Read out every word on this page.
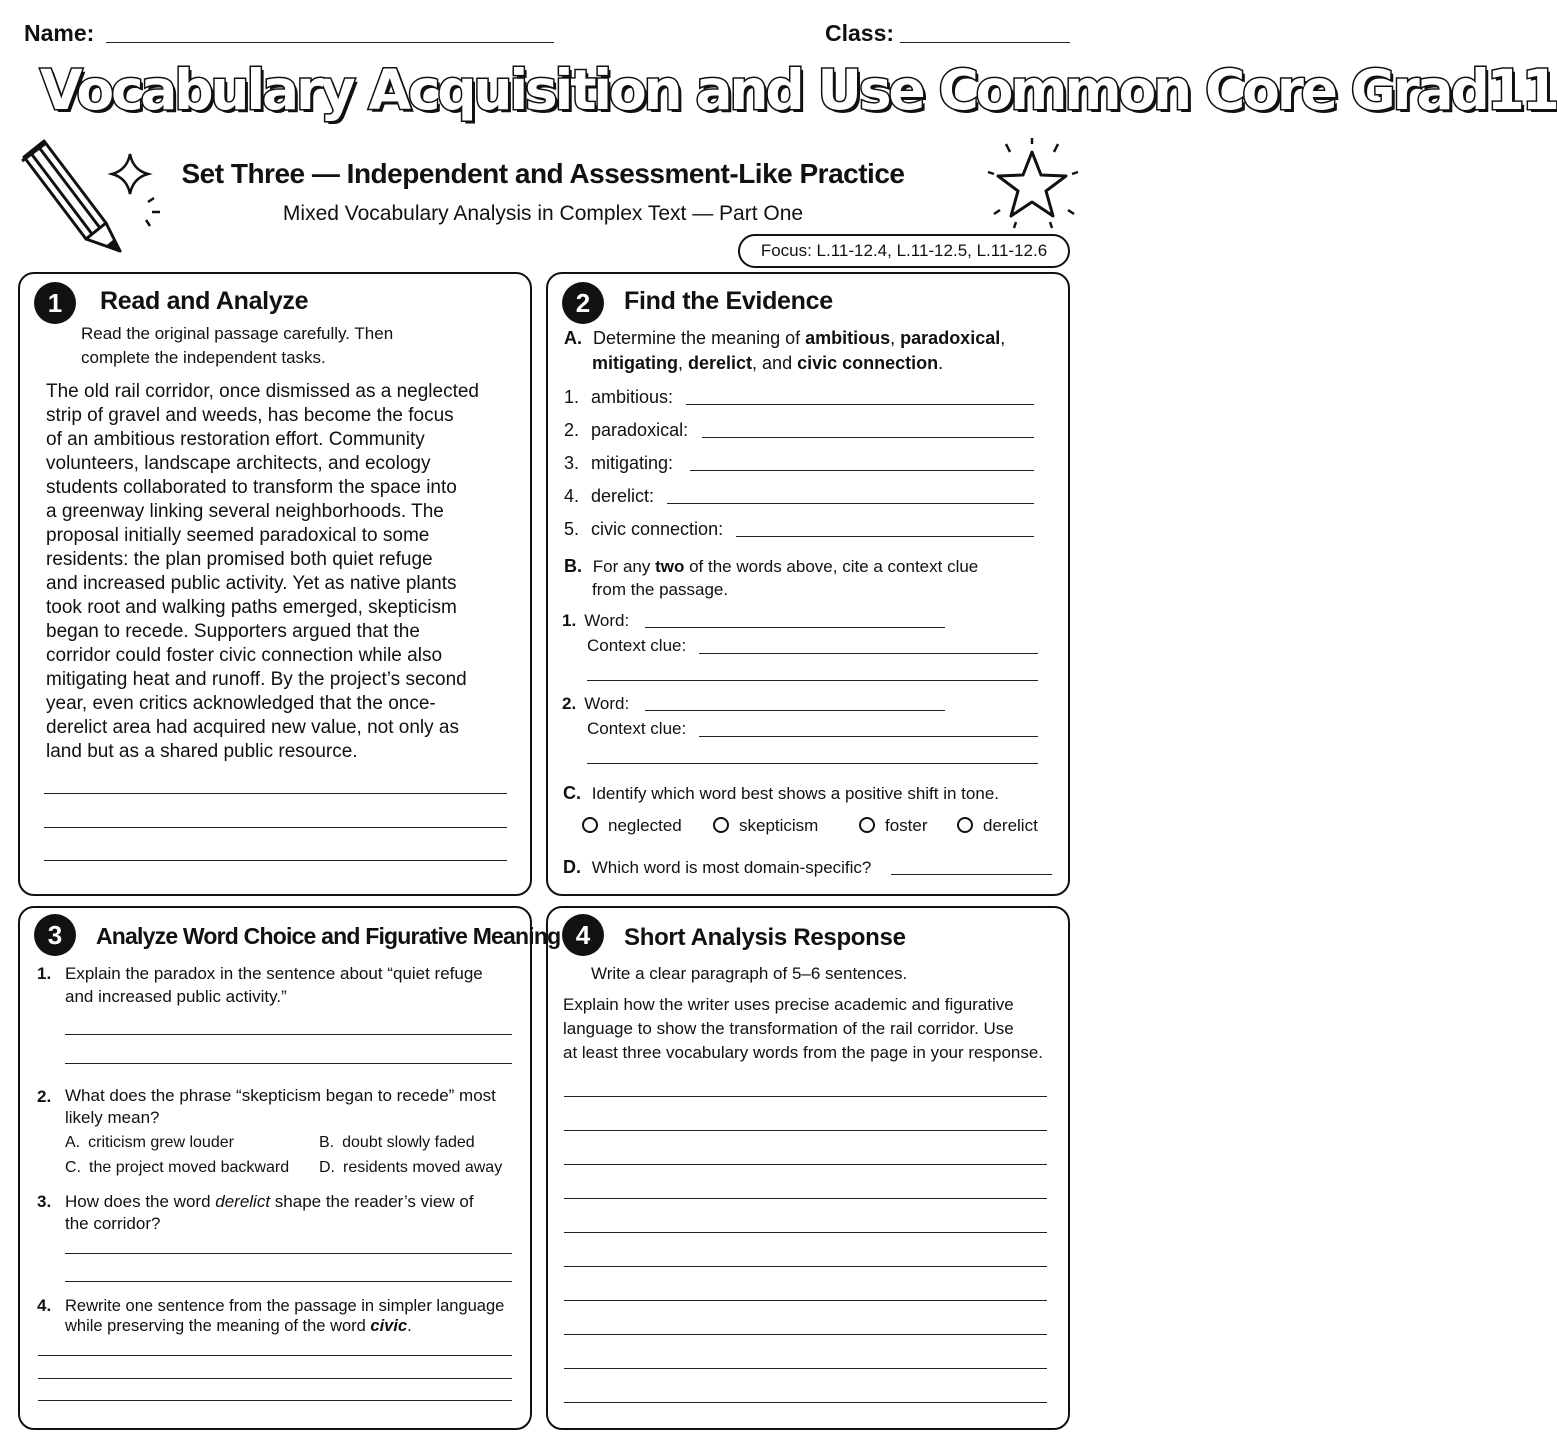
Name:	Class:
Vocabulary Acquisition and Use Common Core Grad11
Set Three — Independent and Assessment-Like Practice
Mixed Vocabulary Analysis in Complex Text — Part One
Focus: L.11-12.4, L.11-12.5, L.11-12.6
1	Read and Analyze
Read the original passage carefully. Then
complete the independent tasks.
The old rail corridor, once dismissed as a neglected
strip of gravel and weeds, has become the focus
of an ambitious restoration effort. Community
volunteers, landscape architects, and ecology
students collaborated to transform the space into
a greenway linking several neighborhoods. The
proposal initially seemed paradoxical to some
residents: the plan promised both quiet refuge
and increased public activity. Yet as native plants
took root and walking paths emerged, skepticism
began to recede. Supporters argued that the
corridor could foster civic connection while also
mitigating heat and runoff. By the project’s second
year, even critics acknowledged that the once-
derelict area had acquired new value, not only as
land but as a shared public resource.
2	Find the Evidence
A. Determine the meaning of ambitious, paradoxical,
mitigating, derelict, and civic connection.
1. ambitious:
2. paradoxical:
3. mitigating:
4. derelict:
5. civic connection:
B. For any two of the words above, cite a context clue
from the passage.
1. Word:
Context clue:
2. Word:
Context clue:
C. Identify which word best shows a positive shift in tone.
neglected	skepticism	foster	derelict
D. Which word is most domain-specific?
3	Analyze Word Choice and Figurative Meaning
1. Explain the paradox in the sentence about “quiet refuge
and increased public activity.”
2. What does the phrase “skepticism began to recede” most
likely mean?
A. criticism grew louder	B. doubt slowly faded
C. the project moved backward D. residents moved away
3. How does the word derelict shape the reader’s view of
the corridor?
4. Rewrite one sentence from the passage in simpler language
while preserving the meaning of the word civic.
4	Short Analysis Response
Write a clear paragraph of 5–6 sentences.
Explain how the writer uses precise academic and figurative
language to show the transformation of the rail corridor. Use
at least three vocabulary words from the page in your response.
